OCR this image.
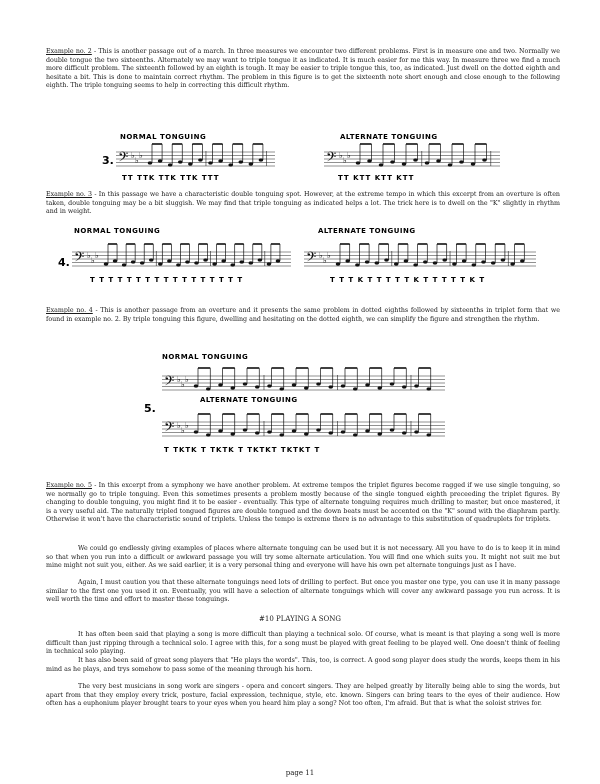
Example no. 2 - This is another passage out of a march. In three measures we encounter two different problems. First is in measure one and two. Normally we double tongue the two sixteenths. Alternately we may want to triple tongue it as indicated. It is much easier for me this way. In measure three we find a much more difficult problem. The sixteenth followed by an eighth is tough. It may be easier to triple tongue this, too, as indicated. Just dwell on the dotted eighth and hesitate a bit. This is done to maintain correct rhythm. The problem in this figure is to get the sixteenth note short enough and close enough to the following eighth. The triple tonguing seems to help in correcting this difficult rhythm.

NORMAL TONGUING	ALTERNATE TONGUING
3. 𝄢 ♭
♭
♭	𝄢 ♭
♭
♭
TT TTK TTK TTK TTT	TT KTT KTT KTT

Example no. 3 - In this passage we have a characteristic double tonguing spot. However, at the extreme tempo in which this excerpt from an overture is often taken, double tonguing may be a bit sluggish. We may find that triple tonguing as indicated helps a lot. The trick here is to dwell on the "K" slightly in rhythm and in weight.

NORMAL TONGUING	ALTERNATE TONGUING
4. 𝄢 ♭
♭
♭	𝄢 ♭
♭
♭
T T T T T T T T T T T T T T T T T	T T T K T T T T T K T T T T T K T

Example no. 4 - This is another passage from an overture and it presents the same problem in dotted eighths followed by sixteenths in triplet form that we found in example no. 2. By triple tonguing this figure, dwelling and hesitating on the dotted eighth, we can simplify the figure and strengthen the rhythm.

NORMAL TONGUING
ALTERNATE TONGUING
5.
𝄢 ♭
♭
♭
𝄢 ♭
♭
♭
T TKTK T TKTK T TKTKT TKTKT T

Example no. 5 - In this excerpt from a symphony we have another problem. At extreme tempos the triplet figures become ragged if we use single tonguing, so we normally go to triple tonguing. Even this sometimes presents a problem mostly because of the single tongued eighth preceeding the triplet figures. By changing to double tonguing, you might find it to be easier - eventually. This type of alternate tonguing requires much drilling to master, but once mastered, it is a very useful aid. The naturally tripled tongued figures are double tongued and the down beats must be accented on the "K" sound with the diaphram partly. Otherwise it won't have the characteristic sound of triplets. Unless the tempo is extreme there is no advantage to this substitution of quadruplets for triplets.

We could go endlessly giving examples of places where alternate tonguing can be used but it is not necessary. All you have to do is to keep it in mind so that when you run into a difficult or awkward passage you will try some alternate articulation. You will find one which suits you. It might not suit me but mine might not suit you, either. As we said earlier, it is a very personal thing and everyone will have his own pet alternate tonguings just as I have.

Again, I must caution you that these alternate tonguings need lots of drilling to perfect. But once you master one type, you can use it in many passage similar to the first one you used it on. Eventually, you will have a selection of alternate tonguings which will cover any awkward passage you run across. It is well worth the time and effort to master these tonguings.

#10 PLAYING A SONG

It has often been said that playing a song is more difficult than playing a technical solo. Of course, what is meant is that playing a song well is more difficult than just ripping through a technical solo. I agree with this, for a song must be played with great feeling to be played well. One doesn't think of feeling in technical solo playing.

It has also been said of great song players that "He plays the words". This, too, is correct. A good song player does study the words, keeps them in his mind as he plays, and trys somehow to pass some of the meaning through his horn.

The very best musicians in song work are singers - opera and concert singers. They are helped greatly by literally being able to sing the words, but apart from that they employ every trick, posture, facial expression, technique, style, etc. known. Singers can bring tears to the eyes of their audience. How often has a euphonium player brought tears to your eyes when you heard him play a song? Not too often, I'm afraid. But that is what the soloist strives for.

page 11
